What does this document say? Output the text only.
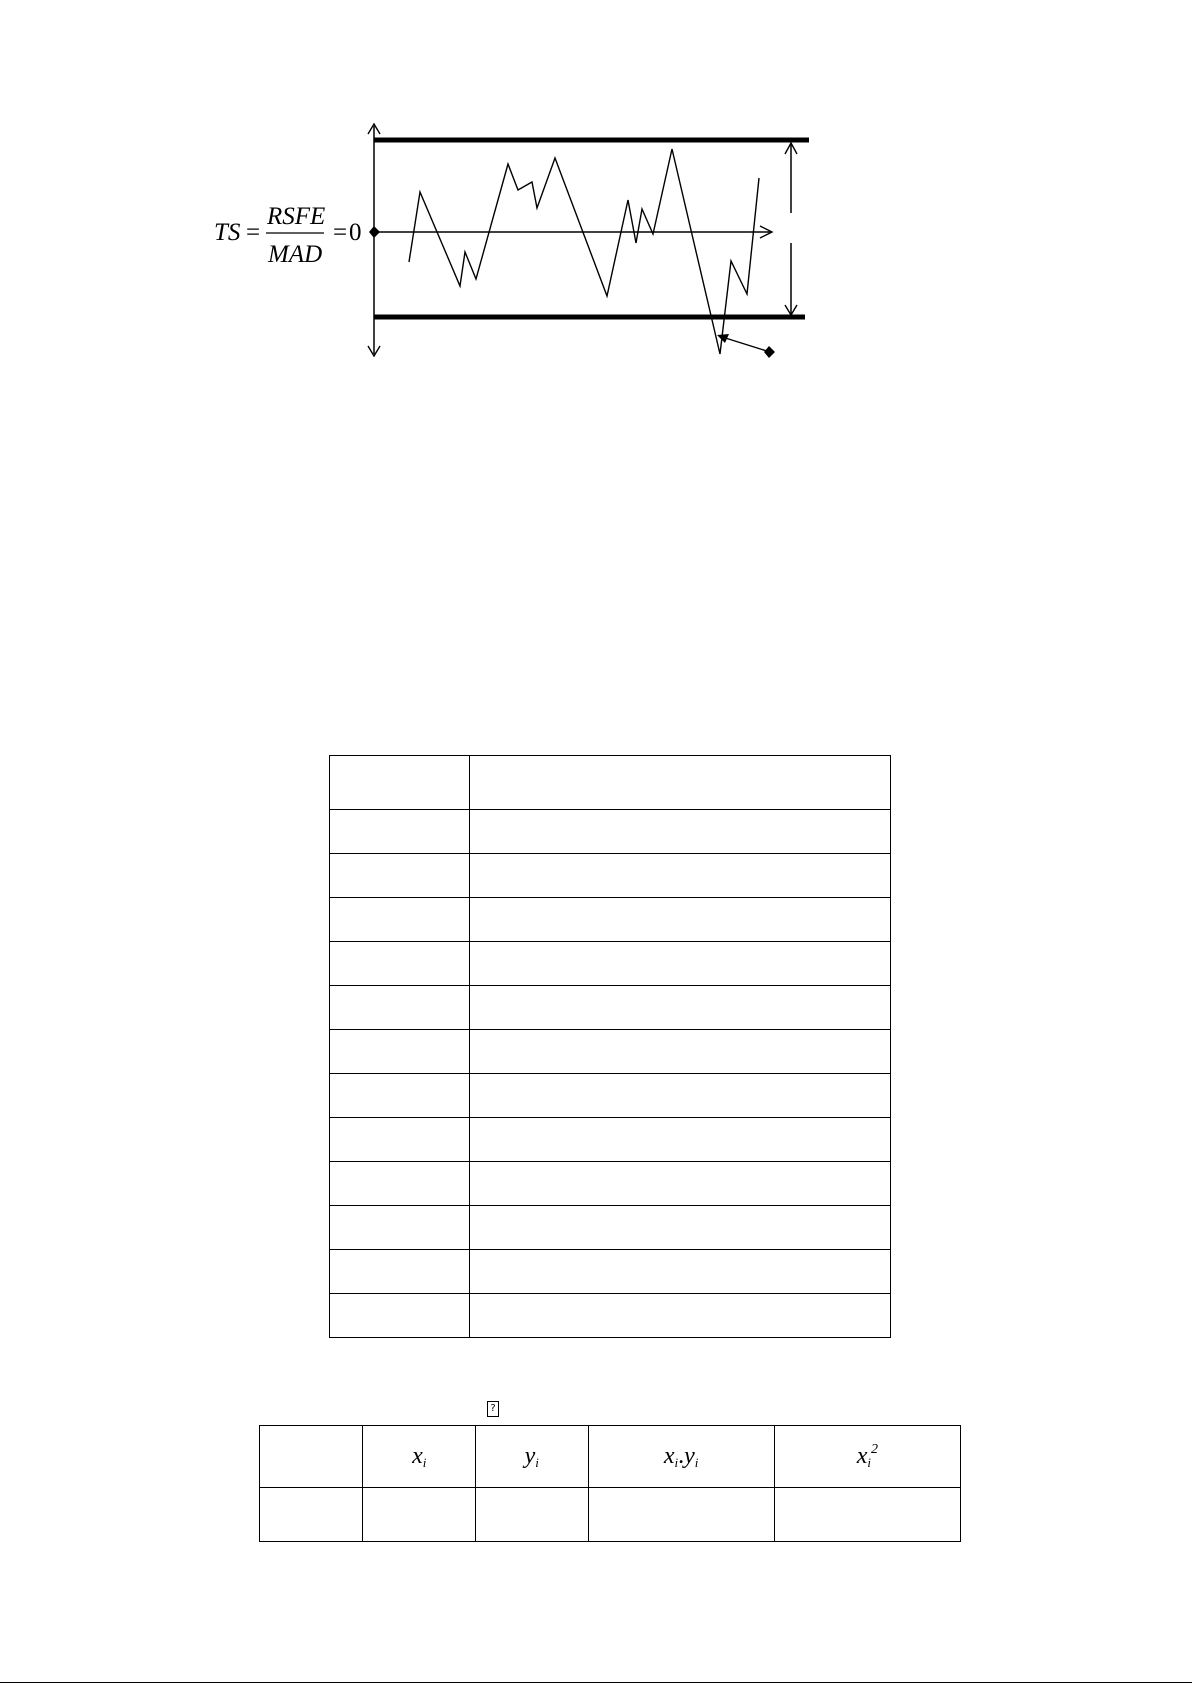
TS =
RSFE
MAD
= 0

?
	$x_i$	$y_i$	$x_i.y_i$	$x_i^2$
